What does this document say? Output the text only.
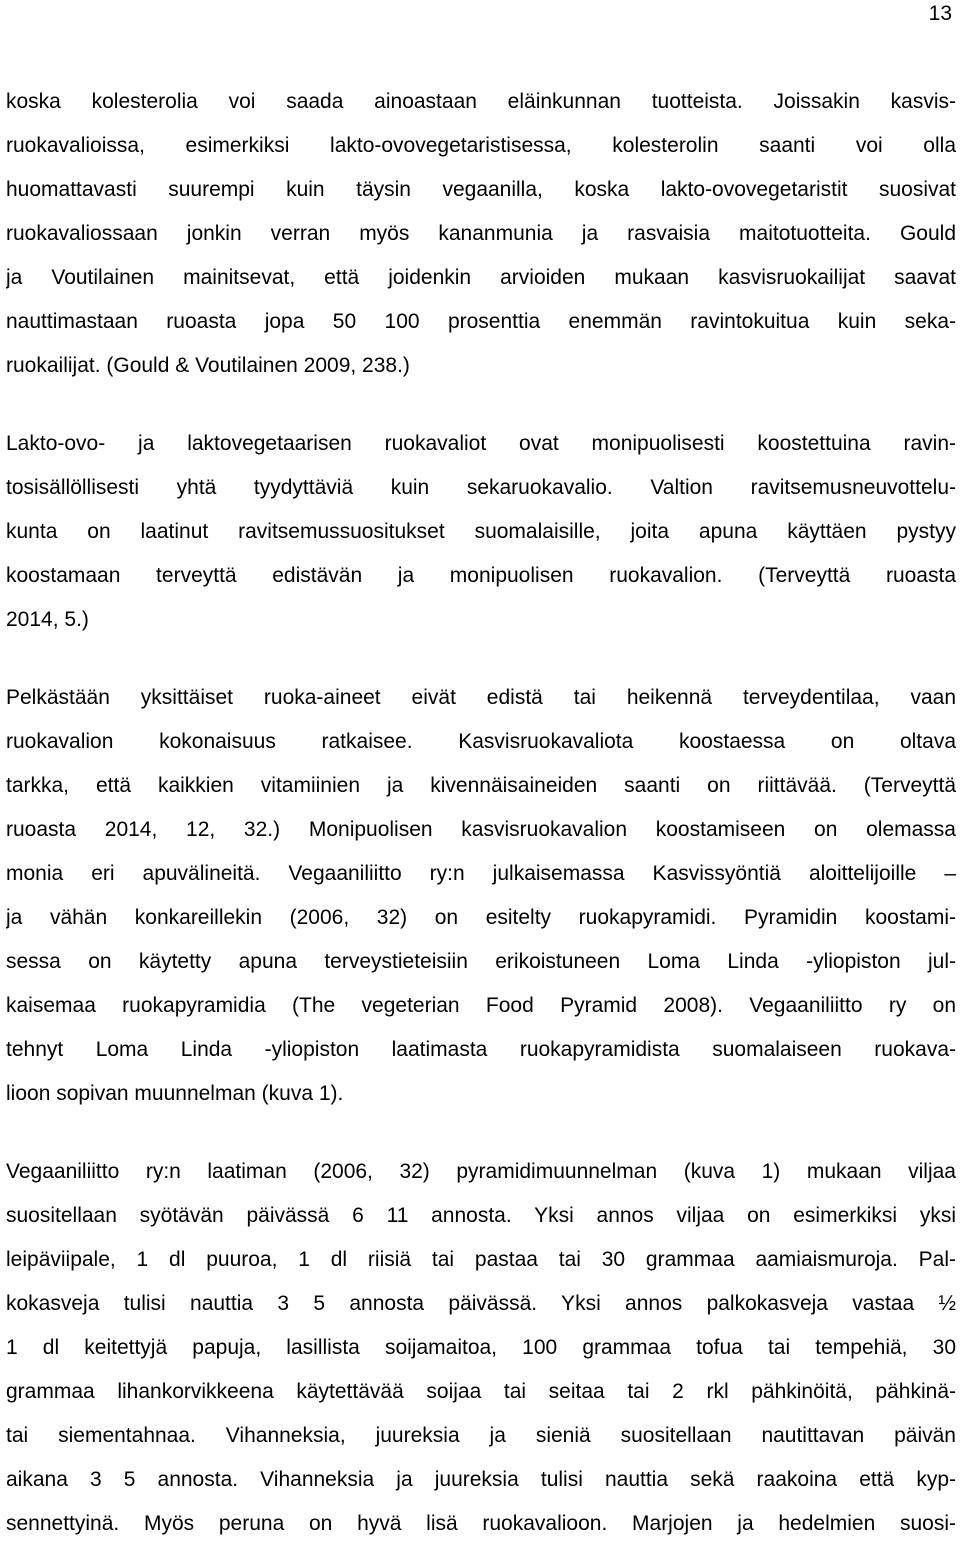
13
koska kolesterolia voi saada ainoastaan eläinkunnan tuotteista. Joissakin kasvis-
ruokavalioissa, esimerkiksi lakto-ovovegetaristisessa, kolesterolin saanti voi olla
huomattavasti suurempi kuin täysin vegaanilla, koska lakto-ovovegetaristit suosivat
ruokavaliossaan jonkin verran myös kananmunia ja rasvaisia maitotuotteita. Gould
ja Voutilainen mainitsevat, että joidenkin arvioiden mukaan kasvisruokailijat saavat
nauttimastaan ruoasta jopa 50 100 prosenttia enemmän ravintokuitua kuin seka-
ruokailijat. (Gould & Voutilainen 2009, 238.)
Lakto-ovo- ja laktovegetaarisen ruokavaliot ovat monipuolisesti koostettuina ravin-
tosisällöllisesti yhtä tyydyttäviä kuin sekaruokavalio. Valtion ravitsemusneuvottelu-
kunta on laatinut ravitsemussuositukset suomalaisille, joita apuna käyttäen pystyy
koostamaan terveyttä edistävän ja monipuolisen ruokavalion. (Terveyttä ruoasta
2014, 5.)
Pelkästään yksittäiset ruoka-aineet eivät edistä tai heikennä terveydentilaa, vaan
ruokavalion kokonaisuus ratkaisee. Kasvisruokavaliota koostaessa on oltava
tarkka, että kaikkien vitamiinien ja kivennäisaineiden saanti on riittävää. (Terveyttä
ruoasta 2014, 12, 32.) Monipuolisen kasvisruokavalion koostamiseen on olemassa
monia eri apuvälineitä. Vegaaniliitto ry:n julkaisemassa Kasvissyöntiä aloittelijoille –
ja vähän konkareillekin (2006, 32) on esitelty ruokapyramidi. Pyramidin koostami-
sessa on käytetty apuna terveystieteisiin erikoistuneen Loma Linda -yliopiston jul-
kaisemaa ruokapyramidia (The vegeterian Food Pyramid 2008). Vegaaniliitto ry on
tehnyt Loma Linda -yliopiston laatimasta ruokapyramidista suomalaiseen ruokava-
lioon sopivan muunnelman (kuva 1).
Vegaaniliitto ry:n laatiman (2006, 32) pyramidimuunnelman (kuva 1) mukaan viljaa
suositellaan syötävän päivässä 6 11 annosta. Yksi annos viljaa on esimerkiksi yksi
leipäviipale, 1 dl puuroa, 1 dl riisiä tai pastaa tai 30 grammaa aamiaismuroja. Pal-
kokasveja tulisi nauttia 3 5 annosta päivässä. Yksi annos palkokasveja vastaa ½
1 dl keitettyjä papuja, lasillista soijamaitoa, 100 grammaa tofua tai tempehiä, 30
grammaa lihankorvikkeena käytettävää soijaa tai seitaa tai 2 rkl pähkinöitä, pähkinä-
tai siementahnaa. Vihanneksia, juureksia ja sieniä suositellaan nautittavan päivän
aikana 3 5 annosta. Vihanneksia ja juureksia tulisi nauttia sekä raakoina että kyp-
sennettyinä. Myös peruna on hyvä lisä ruokavalioon. Marjojen ja hedelmien suosi-
